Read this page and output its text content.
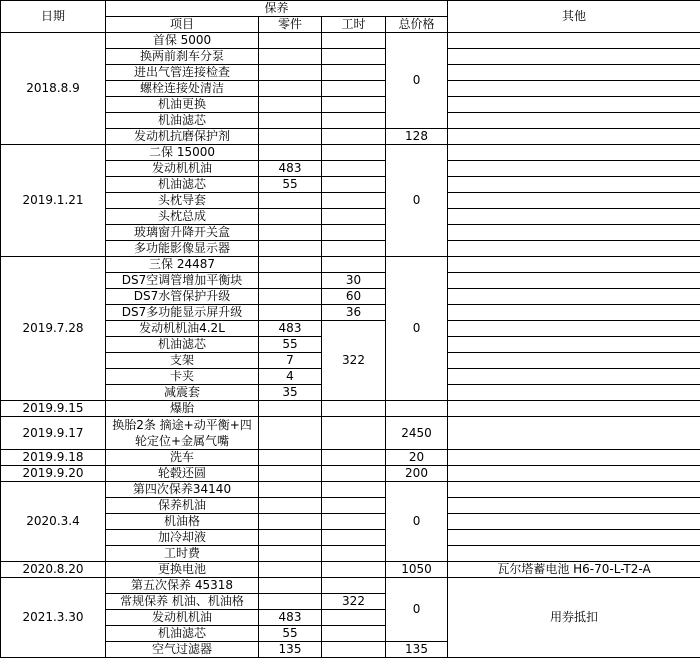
日期	保养				其他
	项目	零件	工时	总价格	
2018.8.9	首保 5000			0	
	换两前刹车分泵				
	进出气管连接检查				
	螺栓连接处清洁				
	机油更换				
	机油滤芯				
	发动机抗磨保护剂			128	
2019.1.21	二保 15000			0	
	发动机机油	483			
	机油滤芯	55			
	头枕导套				
	头枕总成				
	玻璃窗升降开关盒				
	多功能影像显示器				
2019.7.28	三保 24487			0	
	DS7空调管增加平衡块		30		
	DS7水管保护升级		60		
	DS7多功能显示屏升级		36		
	发动机机油4.2L	483	322		
	机油滤芯	55			
	支架	7			
	卡夹	4			
	减震套	35			
2019.9.15	爆胎				
2019.9.17	换胎2条 摘途+动平衡+四轮定位+金属气嘴			2450	
2019.9.18	洗车			20	
2019.9.20	轮毂还圆			200	
2020.3.4	第四次保养34140			0	
	保养机油				
	机油格				
	加冷却液				
	工时费				
2020.8.20	更换电池			1050	瓦尔塔蓄电池 H6-70-L-T2-A
2021.3.30	第五次保养 45318			0	用券抵扣
	常规保养 机油、机油格		322		
	发动机机油	483			
	机油滤芯	55			
	空气过滤器	135		135	
